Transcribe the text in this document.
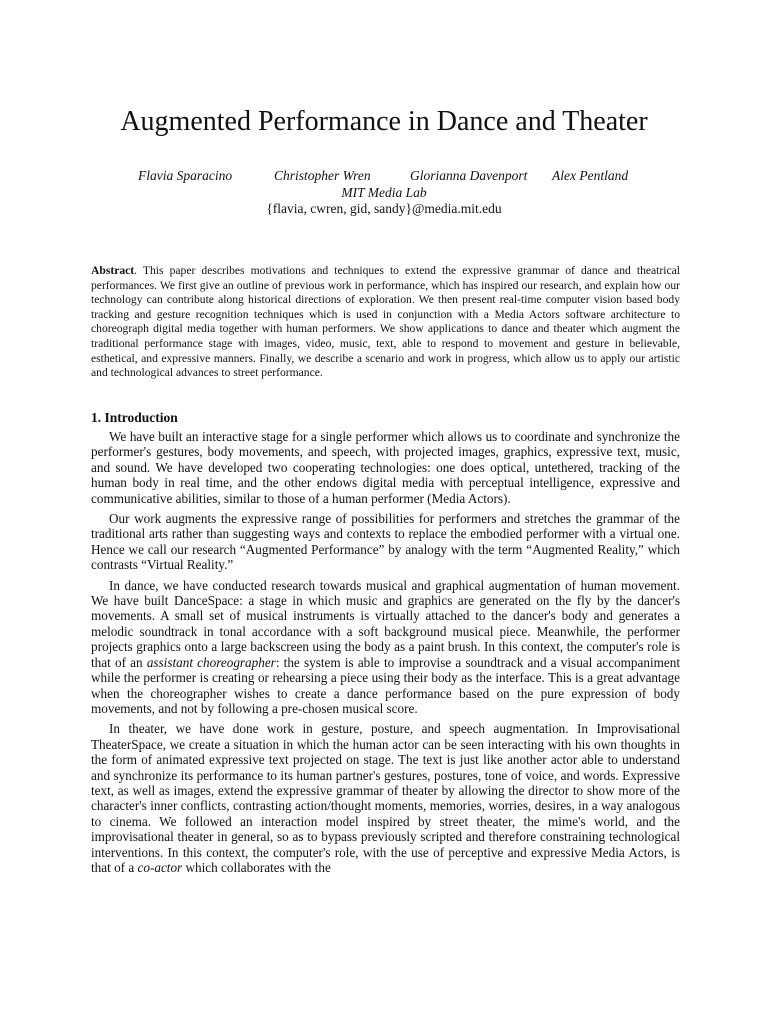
Augmented Performance in Dance and Theater
Flavia Sparacino	Christopher Wren	Glorianna Davenport Alex Pentland
MIT Media Lab
{flavia, cwren, gid, sandy}@media.mit.edu

Abstract. This paper describes motivations and techniques to extend the expressive grammar of dance and theatrical performances. We first give an outline of previous work in performance, which has inspired our research, and explain how our technology can contribute along historical directions of exploration. We then present real-time computer vision based body tracking and gesture recognition techniques which is used in conjunction with a Media Actors software architecture to choreograph digital media together with human performers. We show applications to dance and theater which augment the traditional performance stage with images, video, music, text, able to respond to movement and gesture in believable, esthetical, and expressive manners. Finally, we describe a scenario and work in progress, which allow us to apply our artistic and technological advances to street performance.

1. Introduction

We have built an interactive stage for a single performer which allows us to coordinate and synchronize the performer's gestures, body movements, and speech, with projected images, graphics, expressive text, music, and sound. We have developed two cooperating technologies: one does optical, untethered, tracking of the human body in real time, and the other endows digital media with perceptual intelligence, expressive and communicative abilities, similar to those of a human performer (Media Actors).

Our work augments the expressive range of possibilities for performers and stretches the grammar of the traditional arts rather than suggesting ways and contexts to replace the embodied performer with a virtual one. Hence we call our research “Augmented Performance” by analogy with the term “Augmented Reality,” which contrasts “Virtual Reality.”

In dance, we have conducted research towards musical and graphical augmentation of human movement. We have built DanceSpace: a stage in which music and graphics are generated on the fly by the dancer's movements. A small set of musical instruments is virtually attached to the dancer's body and generates a melodic soundtrack in tonal accordance with a soft background musical piece. Meanwhile, the performer projects graphics onto a large backscreen using the body as a paint brush. In this context, the computer's role is that of an assistant choreographer: the system is able to improvise a soundtrack and a visual accompaniment while the performer is creating or rehearsing a piece using their body as the interface. This is a great advantage when the choreographer wishes to create a dance performance based on the pure expression of body movements, and not by following a pre-chosen musical score.

In theater, we have done work in gesture, posture, and speech augmentation. In Improvisational TheaterSpace, we create a situation in which the human actor can be seen interacting with his own thoughts in the form of animated expressive text projected on stage. The text is just like another actor able to understand and synchronize its performance to its human partner's gestures, postures, tone of voice, and words. Expressive text, as well as images, extend the expressive grammar of theater by allowing the director to show more of the character's inner conflicts, contrasting action/thought moments, memories, worries, desires, in a way analogous to cinema. We followed an interaction model inspired by street theater, the mime's world, and the improvisational theater in general, so as to bypass previously scripted and therefore constraining technological interventions. In this context, the computer's role, with the use of perceptive and expressive Media Actors, is that of a co-actor which collaborates with the
